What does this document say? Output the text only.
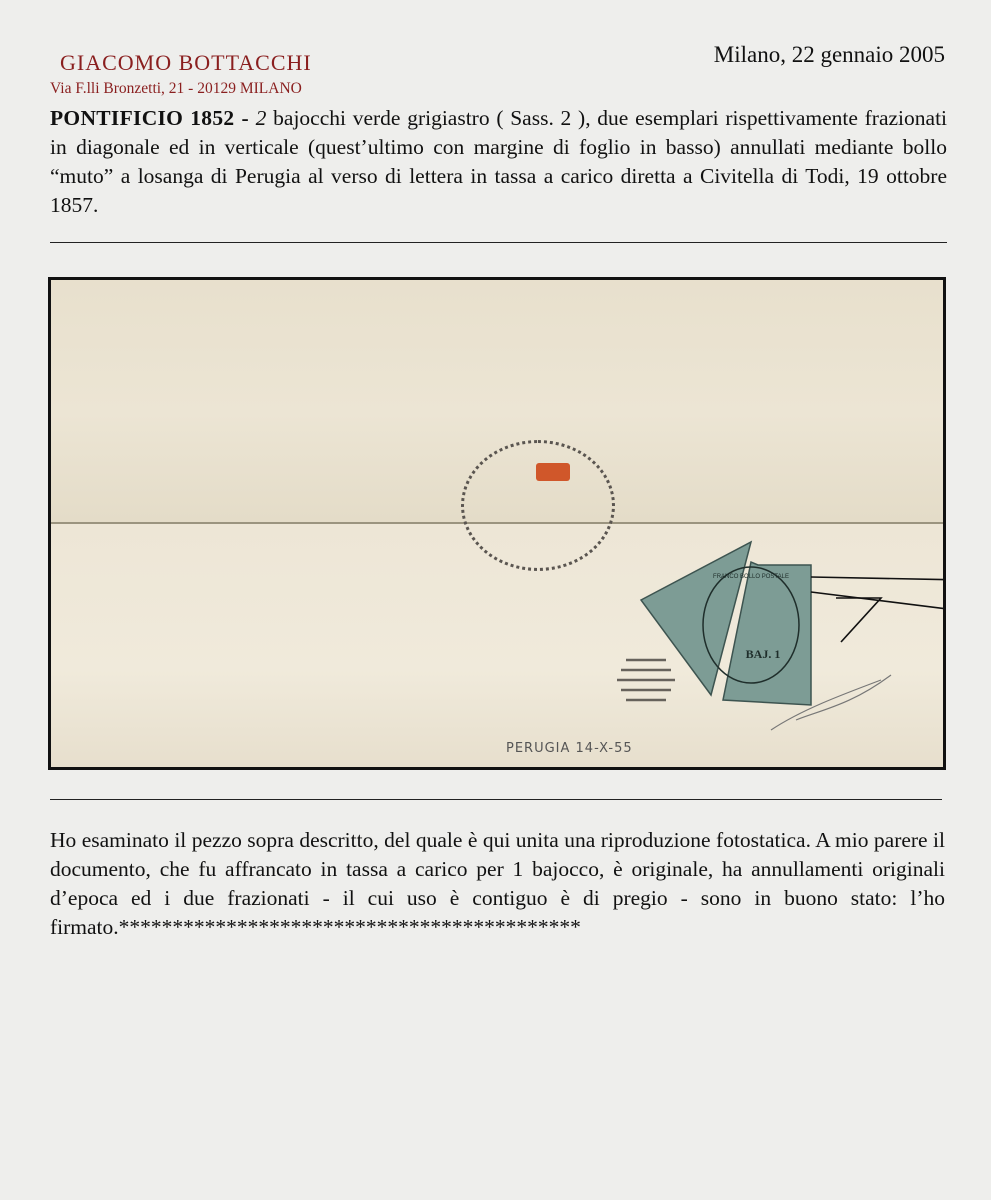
GIACOMO BOTTACCHI
Via F.lli Bronzetti, 21 - 20129 MILANO
Milano, 22 gennaio 2005
PONTIFICIO 1852 - 2 bajocchi verde grigiastro ( Sass. 2 ), due esemplari rispettivamente frazionati in diagonale ed in verticale (quest’ultimo con margine di foglio in basso) annullati mediante bollo “muto” a losanga di Perugia al verso di lettera in tassa a carico diretta a Civitella di Todi, 19 ottobre 1857.
PERUGIA 14-X-55
FRANCO BOLLO POSTALE
BAJ. 1
Ho esaminato il pezzo sopra descritto, del quale è qui unita una riproduzione fotostatica. A mio parere il documento, che fu affrancato in tassa a carico per 1 bajocco, è originale, ha annullamenti originali d’epoca ed i due frazionati - il cui uso è contiguo è di pregio - sono in buono stato: l’ho firmato.*******************************************
